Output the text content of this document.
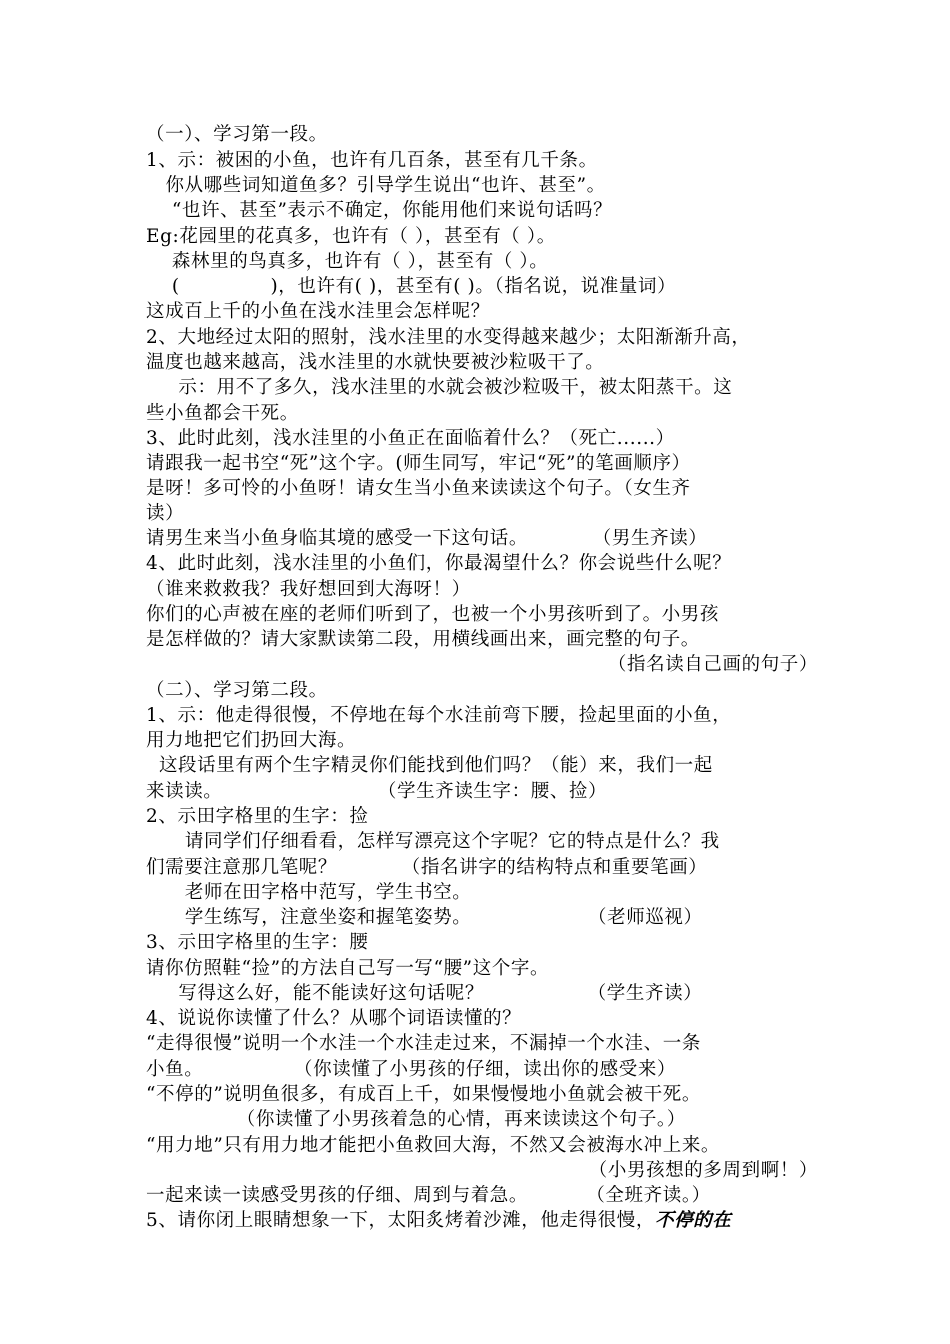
（一）、学习第一段。
1、示：被困的小鱼，也许有几百条，甚至有几千条。
你从哪些词知道鱼多？引导学生说出“也许、甚至”。
“也许、甚至”表示不确定，你能用他们来说句话吗？
Eg:花园里的花真多，也许有（ ），甚至有（ ）。
森林里的鸟真多，也许有（ ），甚至有（ ）。
(              )，也许有( )，甚至有( )。（指名说，说准量词）
这成百上千的小鱼在浅水洼里会怎样呢？
2、大地经过太阳的照射，浅水洼里的水变得越来越少；太阳渐渐升高，
温度也越来越高，浅水洼里的水就快要被沙粒吸干了。
示：用不了多久，浅水洼里的水就会被沙粒吸干，被太阳蒸干。这
些小鱼都会干死。
3、此时此刻，浅水洼里的小鱼正在面临着什么？（死亡......）
请跟我一起书空“死”这个字。(师生同写，牢记“死”的笔画顺序）
是呀！多可怜的小鱼呀！请女生当小鱼来读读这个句子。（女生齐
读）
请男生来当小鱼身临其境的感受一下这句话。          （男生齐读）
4、此时此刻，浅水洼里的小鱼们，你最渴望什么？你会说些什么呢？
（谁来救救我？我好想回到大海呀！）
你们的心声被在座的老师们听到了，也被一个小男孩听到了。小男孩
是怎样做的？请大家默读第二段，用横线画出来，画完整的句子。
（指名读自己画的句子）
（二）、学习第二段。
1、示：他走得很慢，不停地在每个水洼前弯下腰，捡起里面的小鱼，
用力地把它们扔回大海。
这段话里有两个生字精灵你们能找到他们吗？（能）来，我们一起
来读读。                        （学生齐读生字：腰、捡）
2、示田字格里的生字：捡
请同学们仔细看看，怎样写漂亮这个字呢？它的特点是什么？我
们需要注意那几笔呢？          （指名讲字的结构特点和重要笔画）
老师在田字格中范写，学生书空。
学生练写，注意坐姿和握笔姿势。                  （老师巡视）
3、示田字格里的生字：腰
请你仿照鞋“捡”的方法自己写一写“腰”这个字。
写得这么好，能不能读好这句话呢？                （学生齐读）
4、说说你读懂了什么？从哪个词语读懂的？
“走得很慢”说明一个水洼一个水洼走过来，不漏掉一个水洼、一条
小鱼。              （你读懂了小男孩的仔细，读出你的感受来）
“不停的”说明鱼很多，有成百上千，如果慢慢地小鱼就会被干死。
（你读懂了小男孩着急的心情，再来读读这个句子。）
“用力地”只有用力地才能把小鱼救回大海，不然又会被海水冲上来。
（小男孩想的多周到啊！）
一起来读一读感受男孩的仔细、周到与着急。         （全班齐读。）
5、请你闭上眼睛想象一下，太阳炙烤着沙滩，他走得很慢，不停的在
